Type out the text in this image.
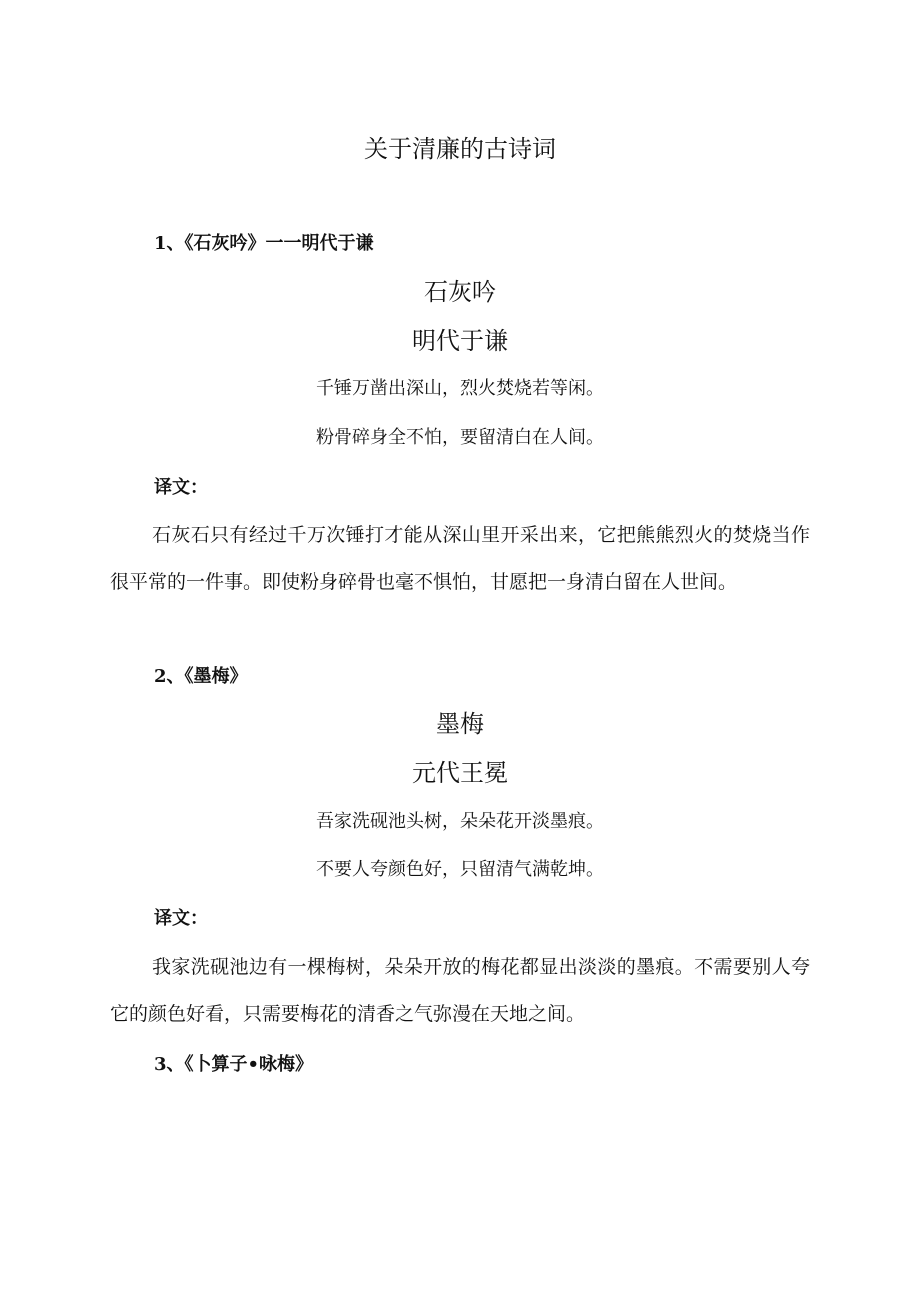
关于清廉的古诗词
1、《石灰吟》一一明代于谦
石灰吟
明代于谦
千锤万凿出深山，烈火焚烧若等闲。
粉骨碎身全不怕，要留清白在人间。
译文：
石灰石只有经过千万次锤打才能从深山里开采出来，它把熊熊烈火的焚烧当作很平常的一件事。即使粉身碎骨也毫不惧怕，甘愿把一身清白留在人世间。
2、《墨梅》
墨梅
元代王冕
吾家洗砚池头树，朵朵花开淡墨痕。
不要人夸颜色好，只留清气满乾坤。
译文：
我家洗砚池边有一棵梅树，朵朵开放的梅花都显出淡淡的墨痕。不需要别人夸它的颜色好看，只需要梅花的清香之气弥漫在天地之间。
3、《卜算子•咏梅》
